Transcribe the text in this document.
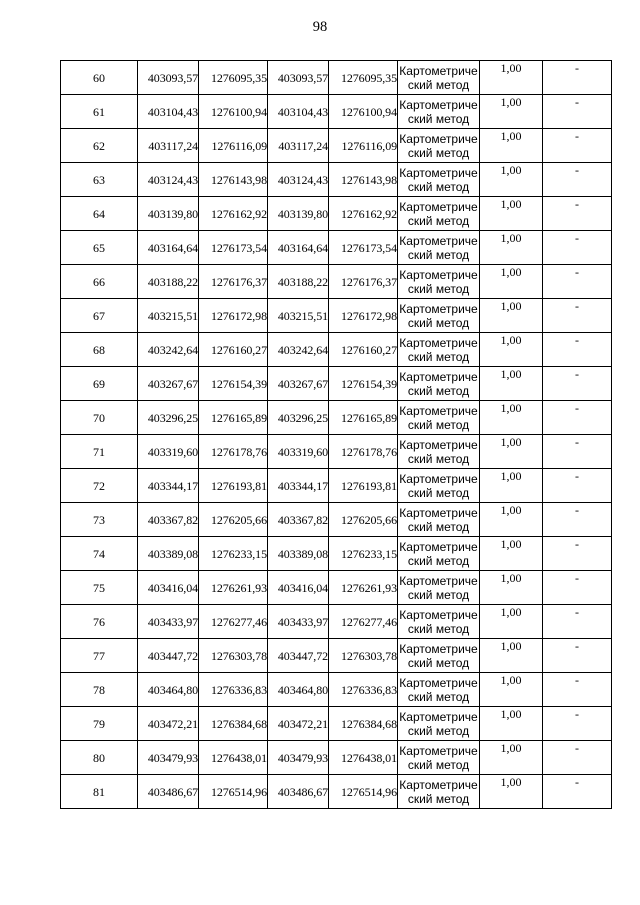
98
60	403093,57	1276095,35	403093,57	1276095,35	Картометриче
ский метод	1,00	-
61	403104,43	1276100,94	403104,43	1276100,94	Картометриче
ский метод	1,00	-
62	403117,24	1276116,09	403117,24	1276116,09	Картометриче
ский метод	1,00	-
63	403124,43	1276143,98	403124,43	1276143,98	Картометриче
ский метод	1,00	-
64	403139,80	1276162,92	403139,80	1276162,92	Картометриче
ский метод	1,00	-
65	403164,64	1276173,54	403164,64	1276173,54	Картометриче
ский метод	1,00	-
66	403188,22	1276176,37	403188,22	1276176,37	Картометриче
ский метод	1,00	-
67	403215,51	1276172,98	403215,51	1276172,98	Картометриче
ский метод	1,00	-
68	403242,64	1276160,27	403242,64	1276160,27	Картометриче
ский метод	1,00	-
69	403267,67	1276154,39	403267,67	1276154,39	Картометриче
ский метод	1,00	-
70	403296,25	1276165,89	403296,25	1276165,89	Картометриче
ский метод	1,00	-
71	403319,60	1276178,76	403319,60	1276178,76	Картометриче
ский метод	1,00	-
72	403344,17	1276193,81	403344,17	1276193,81	Картометриче
ский метод	1,00	-
73	403367,82	1276205,66	403367,82	1276205,66	Картометриче
ский метод	1,00	-
74	403389,08	1276233,15	403389,08	1276233,15	Картометриче
ский метод	1,00	-
75	403416,04	1276261,93	403416,04	1276261,93	Картометриче
ский метод	1,00	-
76	403433,97	1276277,46	403433,97	1276277,46	Картометриче
ский метод	1,00	-
77	403447,72	1276303,78	403447,72	1276303,78	Картометриче
ский метод	1,00	-
78	403464,80	1276336,83	403464,80	1276336,83	Картометриче
ский метод	1,00	-
79	403472,21	1276384,68	403472,21	1276384,68	Картометриче
ский метод	1,00	-
80	403479,93	1276438,01	403479,93	1276438,01	Картометриче
ский метод	1,00	-
81	403486,67	1276514,96	403486,67	1276514,96	Картометриче
ский метод	1,00	-
